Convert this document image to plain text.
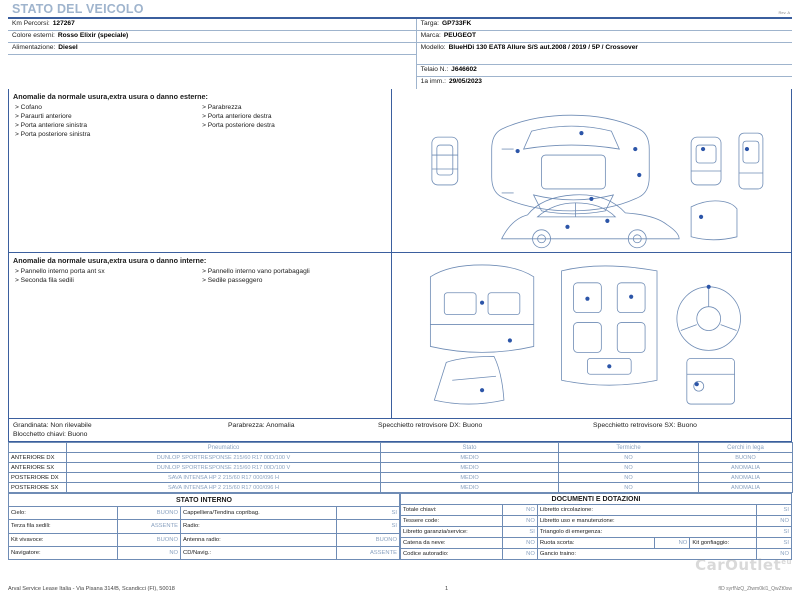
STATO DEL VEICOLO	Rev. A
Km Percorsi: 127267
Colore esterni: Rosso Elixir (speciale)
Alimentazione: Diesel
Targa: GP733FK
Marca: PEUGEOT
Modello: BlueHDi 130 EAT8 Allure S/S aut.2008 / 2019 / 5P / Crossover
Telaio N.: J646602
1a imm.: 29/05/2023
Anomalie da normale usura,extra usura o danno esterne:
> Cofano
> Paraurti anteriore
> Porta anteriore sinistra
> Porta posteriore sinistra
> Parabrezza
> Porta anteriore destra
> Porta posteriore destra
Anomalie da normale usura,extra usura o danno interne:
> Pannello interno porta ant sx
> Seconda fila sedili
> Pannello interno vano portabagagli
> Sedile passeggero
Grandinata: Non rilevabile	Parabrezza: Anomalia	Specchietto retrovisore DX: Buono	Specchietto retrovisore SX: Buono
Blocchetto chiavi: Buono
	Pneumatico	Stato	Termiche	Cerchi in lega
ANTERIORE DX	DUNLOP SPORTRESPONSE 215/60 R17 00D/100 V	MEDIO	NO	BUONO
ANTERIORE SX	DUNLOP SPORTRESPONSE 215/60 R17 00D/100 V	MEDIO	NO	ANOMALIA
POSTERIORE DX	SAVA INTENSA HP 2 215/60 R17 000/096 H	MEDIO	NO	ANOMALIA
POSTERIORE SX	SAVA INTENSA HP 2 215/60 R17 000/096 H	MEDIO	NO	ANOMALIA
STATO INTERNO			
Cielo:	BUONO	Cappelliera/Tendina copribag.	SI
Terza fila sedili:	ASSENTE	Radio:	SI
Kit vivavoce:	BUONO	Antenna radio:	BUONO
Navigatore:	NO	CD/Navig.:	ASSENTE
DOCUMENTI E DOTAZIONI					
Totale chiavi:	NO	Libretto circolazione:			SI
Tessere code:	NO	Libretto uso e manutenzione:			NO
Libretto garanzia/service:	SI	Triangolo di emergenza:			SI
Catena da neve:	NO	Ruota scorta:	NO	Kit gonfiaggio:	SI
Codice autoradio:	NO	Gancio traino:			NO
CarOutlet$^{eu}$
Arval Service Lease Italia - Via Pisana 314/B, Scandicci (FI), 50018	1	fID syrfNzQ_Ztwm0kl1_QwZt0sw
